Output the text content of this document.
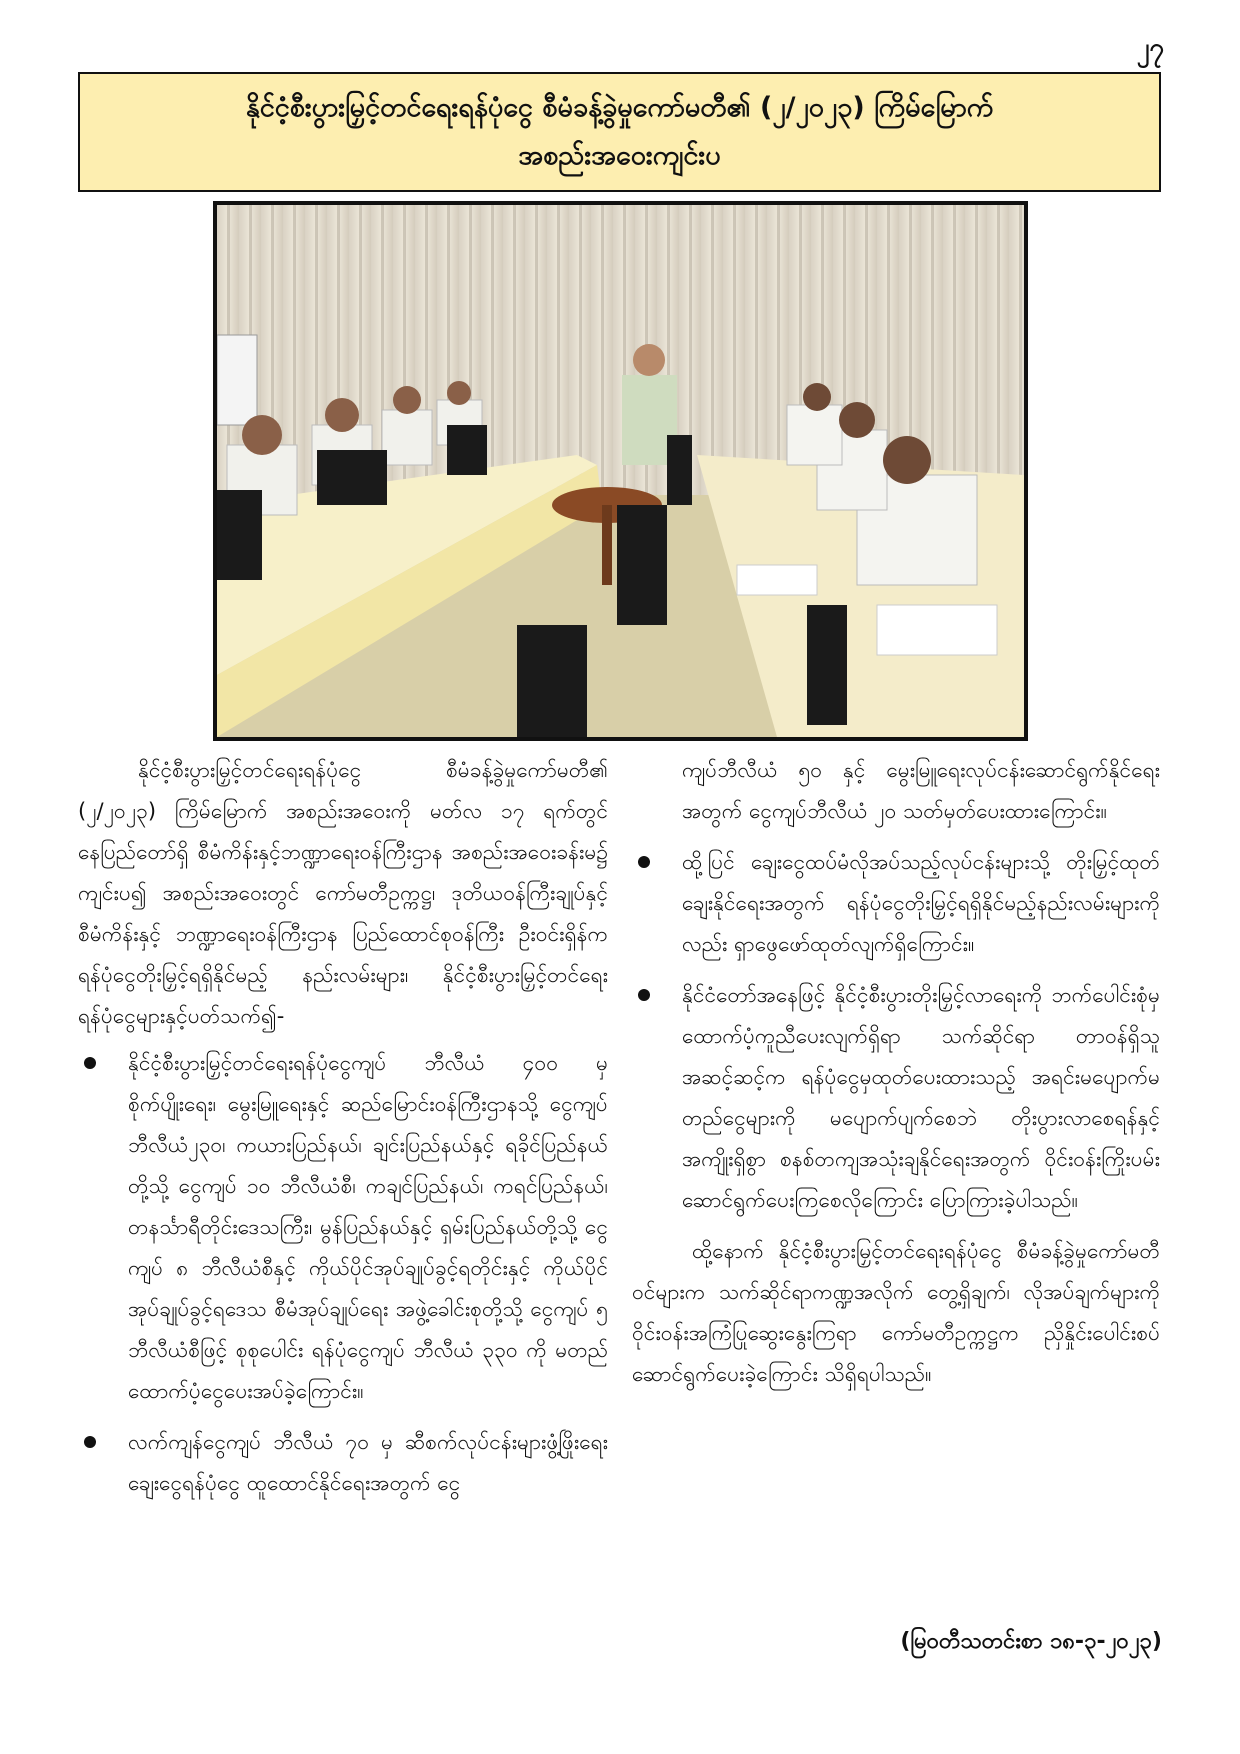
၂၇
နိုင်ငံ့စီးပွားမြှင့်တင်ရေးရန်ပုံငွေ စီမံခန့်ခွဲမှုကော်မတီ၏ (၂/၂၀၂၃) ကြိမ်မြောက်
အစည်းအဝေးကျင်းပ

နိုင်ငံ့စီးပွားမြှင့်တင်ရေးရန်ပုံငွေ စီမံခန့်ခွဲမှုကော်မတီ၏ (၂/၂၀၂၃) ကြိမ်မြောက် အစည်းအဝေးကို မတ်လ ၁၇ ရက်တွင် နေပြည်တော်ရှိ စီမံကိန်းနှင့်ဘဏ္ဍာရေးဝန်ကြီးဌာန အစည်းအဝေးခန်းမ၌ ကျင်းပ၍ အစည်းအဝေးတွင် ကော်မတီဥက္ကဋ္ဌ၊ ဒုတိယဝန်ကြီးချုပ်နှင့် စီမံကိန်းနှင့် ဘဏ္ဍာရေးဝန်ကြီးဌာန ပြည်ထောင်စုဝန်ကြီး ဦးဝင်းရှိန်က ရန်ပုံငွေတိုးမြှင့်ရရှိနိုင်မည့် နည်းလမ်းများ၊ နိုင်ငံ့စီးပွားမြှင့်တင်ရေးရန်ပုံငွေများနှင့်ပတ်သက်၍-

နိုင်ငံ့စီးပွားမြှင့်တင်ရေးရန်ပုံငွေကျပ် ဘီလီယံ ၄၀၀ မှ စိုက်ပျိုးရေး၊ မွေးမြူရေးနှင့် ဆည်မြောင်းဝန်ကြီးဌာနသို့ ငွေကျပ် ဘီလီယံ၂၃၀၊ ကယားပြည်နယ်၊ ချင်းပြည်နယ်နှင့် ရခိုင်ပြည်နယ်တို့သို့ ငွေကျပ် ၁၀ ဘီလီယံစီ၊ ကချင်ပြည်နယ်၊ ကရင်ပြည်နယ်၊ တနင်္သာရီတိုင်းဒေသကြီး၊ မွန်ပြည်နယ်နှင့် ရှမ်းပြည်နယ်တို့သို့ ငွေကျပ် ၈ ဘီလီယံစီနှင့် ကိုယ်ပိုင်အုပ်ချုပ်ခွင့်ရတိုင်းနှင့် ကိုယ်ပိုင်အုပ်ချုပ်ခွင့်ရဒေသ စီမံအုပ်ချုပ်ရေး အဖွဲ့ခေါင်းစုတို့သို့ ငွေကျပ် ၅ ဘီလီယံစီဖြင့် စုစုပေါင်း ရန်ပုံငွေကျပ် ဘီလီယံ ၃၃၀ ကို မတည်ထောက်ပံ့ငွေပေးအပ်ခဲ့ကြောင်း။
လက်ကျန်ငွေကျပ် ဘီလီယံ ၇၀ မှ ဆီစက်လုပ်ငန်းများဖွံ့ဖြိုးရေးချေးငွေရန်ပုံငွေ ထူထောင်နိုင်ရေးအတွက် ငွေ

ကျပ်ဘီလီယံ ၅၀ နှင့် မွေးမြူရေးလုပ်ငန်းဆောင်ရွက်နိုင်ရေးအတွက် ငွေကျပ်ဘီလီယံ ၂၀ သတ်မှတ်ပေးထားကြောင်း။

ထို့ပြင် ချေးငွေထပ်မံလိုအပ်သည့်လုပ်ငန်းများသို့ တိုးမြှင့်ထုတ်ချေးနိုင်ရေးအတွက် ရန်ပုံငွေတိုးမြှင့်ရရှိနိုင်မည့်နည်းလမ်းများကိုလည်း ရှာဖွေဖော်ထုတ်လျက်ရှိကြောင်း။
နိုင်ငံတော်အနေဖြင့် နိုင်ငံ့စီးပွားတိုးမြှင့်လာရေးကို ဘက်ပေါင်းစုံမှ ထောက်ပံ့ကူညီပေးလျက်ရှိရာ သက်ဆိုင်ရာ တာဝန်ရှိသူအဆင့်ဆင့်က ရန်ပုံငွေမှထုတ်ပေးထားသည့် အရင်းမပျောက်မတည်ငွေများကို မပျောက်ပျက်စေဘဲ တိုးပွားလာစေရန်နှင့် အကျိုးရှိစွာ စနစ်တကျအသုံးချနိုင်ရေးအတွက် ဝိုင်းဝန်းကြိုးပမ်းဆောင်ရွက်ပေးကြစေလိုကြောင်း ပြောကြားခဲ့ပါသည်။

ထို့နောက် နိုင်ငံ့စီးပွားမြှင့်တင်ရေးရန်ပုံငွေ စီမံခန့်ခွဲမှုကော်မတီဝင်များက သက်ဆိုင်ရာကဏ္ဍအလိုက် တွေ့ရှိချက်၊ လိုအပ်ချက်များကို ဝိုင်းဝန်းအကြံပြုဆွေးနွေးကြရာ ကော်မတီဥက္ကဋ္ဌက ညှိနှိုင်းပေါင်းစပ်ဆောင်ရွက်ပေးခဲ့ကြောင်း သိရှိရပါသည်။

(မြဝတီသတင်းစာ ၁၈-၃-၂၀၂၃)
